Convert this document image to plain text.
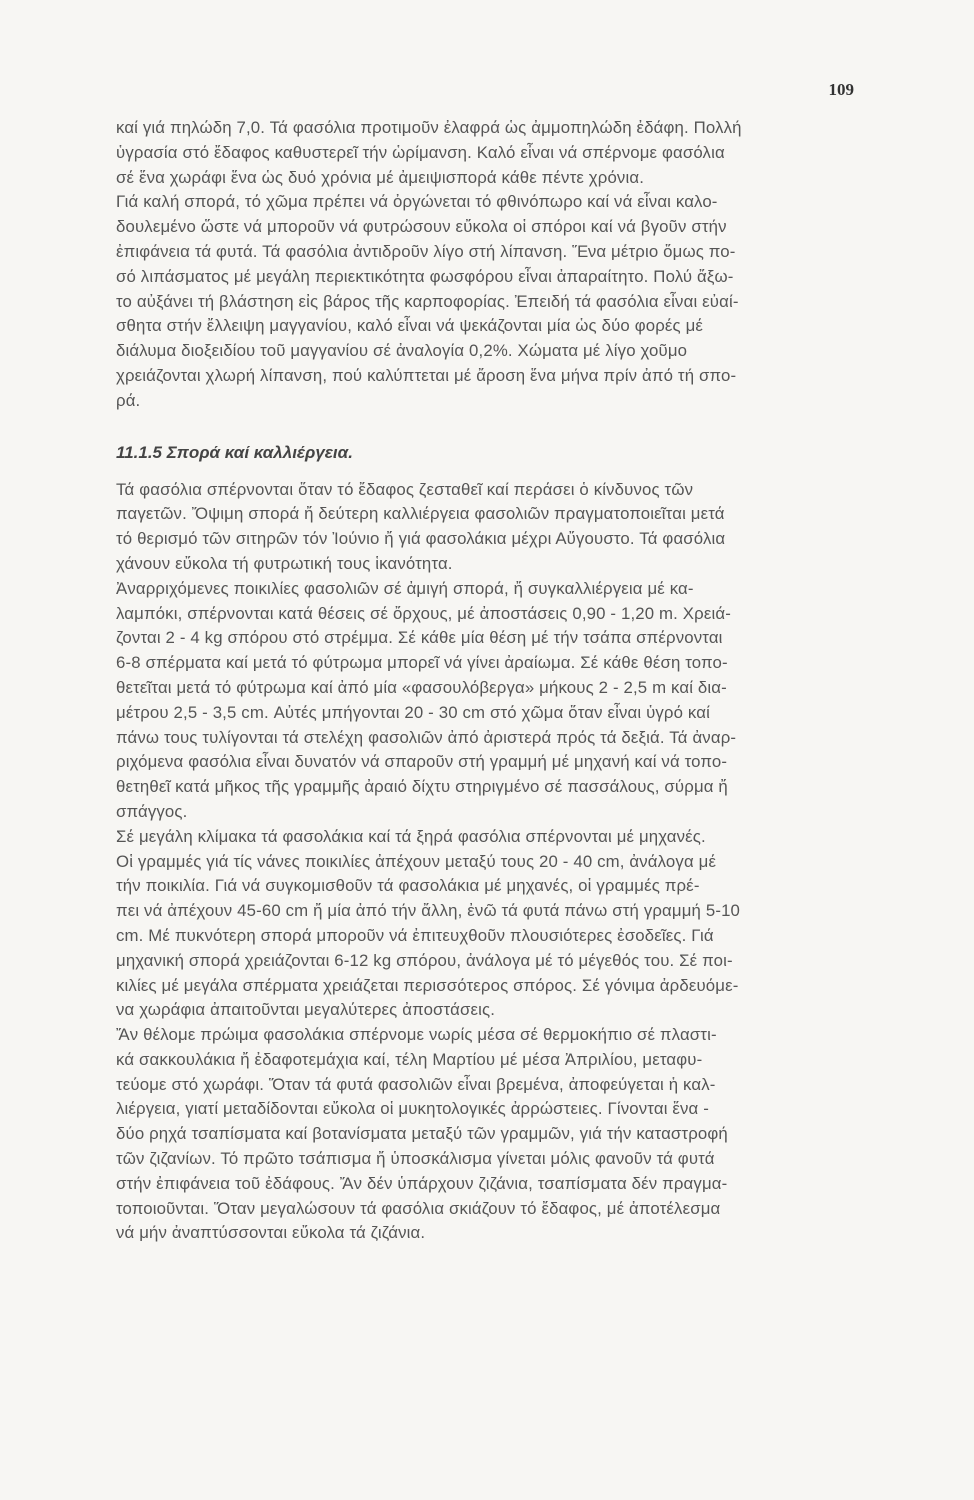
109
καί γιά πηλώδη 7,0. Τά φασόλια προτιμοῦν ἐλαφρά ὡς ἀμμοπηλώδη ἐδάφη. Πολλή
ὑγρασία στό ἔδαφος καθυστερεῖ τήν ὡρίμανση. Καλό εἶναι νά σπέρνομε φασόλια
σέ ἕνα χωράφι ἕνα ὡς δυό χρόνια μέ ἀμειψισπορά κάθε πέντε χρόνια.
Γιά καλή σπορά, τό χῶμα πρέπει νά ὀργώνεται τό φθινόπωρο καί νά εἶναι καλο-
δουλεμένο ὥστε νά μποροῦν νά φυτρώσουν εὔκολα οἱ σπόροι καί νά βγοῦν στήν
ἐπιφάνεια τά φυτά. Τά φασόλια ἀντιδροῦν λίγο στή λίπανση. Ἕνα μέτριο ὅμως πο-
σό λιπάσματος μέ μεγάλη περιεκτικότητα φωσφόρου εἶναι ἀπαραίτητο. Πολύ ἄξω-
το αὐξάνει τή βλάστηση εἰς βάρος τῆς καρποφορίας. Ἐπειδή τά φασόλια εἶναι εὐαί-
σθητα στήν ἔλλειψη μαγγανίου, καλό εἶναι νά ψεκάζονται μία ὡς δύο φορές μέ
διάλυμα διοξειδίου τοῦ μαγγανίου σέ ἀναλογία 0,2%. Χώματα μέ λίγο χοῦμο
χρειάζονται χλωρή λίπανση, πού καλύπτεται μέ ἄροση ἕνα μήνα πρίν ἀπό τή σπο-
ρά.
11.1.5 Σπορά καί καλλιέργεια.
Τά φασόλια σπέρνονται ὅταν τό ἔδαφος ζεσταθεῖ καί περάσει ὁ κίνδυνος τῶν
παγετῶν. Ὄψιμη σπορά ἤ δεύτερη καλλιέργεια φασολιῶν πραγματοποιεῖται μετά
τό θερισμό τῶν σιτηρῶν τόν Ἰούνιο ἤ γιά φασολάκια μέχρι Αὔγουστο. Τά φασόλια
χάνουν εὔκολα τή φυτρωτική τους ἱκανότητα.
Ἀναρριχόμενες ποικιλίες φασολιῶν σέ ἀμιγή σπορά, ἤ συγκαλλιέργεια μέ κα-
λαμπόκι, σπέρνονται κατά θέσεις σέ ὄρχους, μέ ἀποστάσεις 0,90 - 1,20 m. Χρειά-
ζονται 2 - 4 kg σπόρου στό στρέμμα. Σέ κάθε μία θέση μέ τήν τσάπα σπέρνονται
6-8 σπέρματα καί μετά τό φύτρωμα μπορεῖ νά γίνει ἀραίωμα. Σέ κάθε θέση τοπο-
θετεῖται μετά τό φύτρωμα καί ἀπό μία «φασουλόβεργα» μήκους 2 - 2,5 m καί δια-
μέτρου 2,5 - 3,5 cm. Αὐτές μπήγονται 20 - 30 cm στό χῶμα ὅταν εἶναι ὑγρό καί
πάνω τους τυλίγονται τά στελέχη φασολιῶν ἀπό ἀριστερά πρός τά δεξιά. Τά ἀναρ-
ριχόμενα φασόλια εἶναι δυνατόν νά σπαροῦν στή γραμμή μέ μηχανή καί νά τοπο-
θετηθεῖ κατά μῆκος τῆς γραμμῆς ἀραιό δίχτυ στηριγμένο σέ πασσάλους, σύρμα ἤ
σπάγγος.
Σέ μεγάλη κλίμακα τά φασολάκια καί τά ξηρά φασόλια σπέρνονται μέ μηχανές.
Οἱ γραμμές γιά τίς νάνες ποικιλίες ἀπέχουν μεταξύ τους 20 - 40 cm, ἀνάλογα μέ
τήν ποικιλία. Γιά νά συγκομισθοῦν τά φασολάκια μέ μηχανές, οἱ γραμμές πρέ-
πει νά ἀπέχουν 45-60 cm ἤ μία ἀπό τήν ἄλλη, ἐνῶ τά φυτά πάνω στή γραμμή 5-10
cm. Μέ πυκνότερη σπορά μποροῦν νά ἐπιτευχθοῦν πλουσιότερες ἐσοδεῖες. Γιά
μηχανική σπορά χρειάζονται 6-12 kg σπόρου, ἀνάλογα μέ τό μέγεθός του. Σέ ποι-
κιλίες μέ μεγάλα σπέρματα χρειάζεται περισσότερος σπόρος. Σέ γόνιμα ἀρδευόμε-
να χωράφια ἀπαιτοῦνται μεγαλύτερες ἀποστάσεις.
Ἄν θέλομε πρώιμα φασολάκια σπέρνομε νωρίς μέσα σέ θερμοκήπιο σέ πλαστι-
κά σακκουλάκια ἤ ἐδαφοτεμάχια καί, τέλη Μαρτίου μέ μέσα Ἀπριλίου, μεταφυ-
τεύομε στό χωράφι. Ὅταν τά φυτά φασολιῶν εἶναι βρεμένα, ἀποφεύγεται ἡ καλ-
λιέργεια, γιατί μεταδίδονται εὔκολα οἱ μυκητολογικές ἀρρώστειες. Γίνονται ἕνα -
δύο ρηχά τσαπίσματα καί βοτανίσματα μεταξύ τῶν γραμμῶν, γιά τήν καταστροφή
τῶν ζιζανίων. Τό πρῶτο τσάπισμα ἤ ὑποσκάλισμα γίνεται μόλις φανοῦν τά φυτά
στήν ἐπιφάνεια τοῦ ἐδάφους. Ἄν δέν ὑπάρχουν ζιζάνια, τσαπίσματα δέν πραγμα-
τοποιοῦνται. Ὅταν μεγαλώσουν τά φασόλια σκιάζουν τό ἔδαφος, μέ ἀποτέλεσμα
νά μήν ἀναπτύσσονται εὔκολα τά ζιζάνια.
